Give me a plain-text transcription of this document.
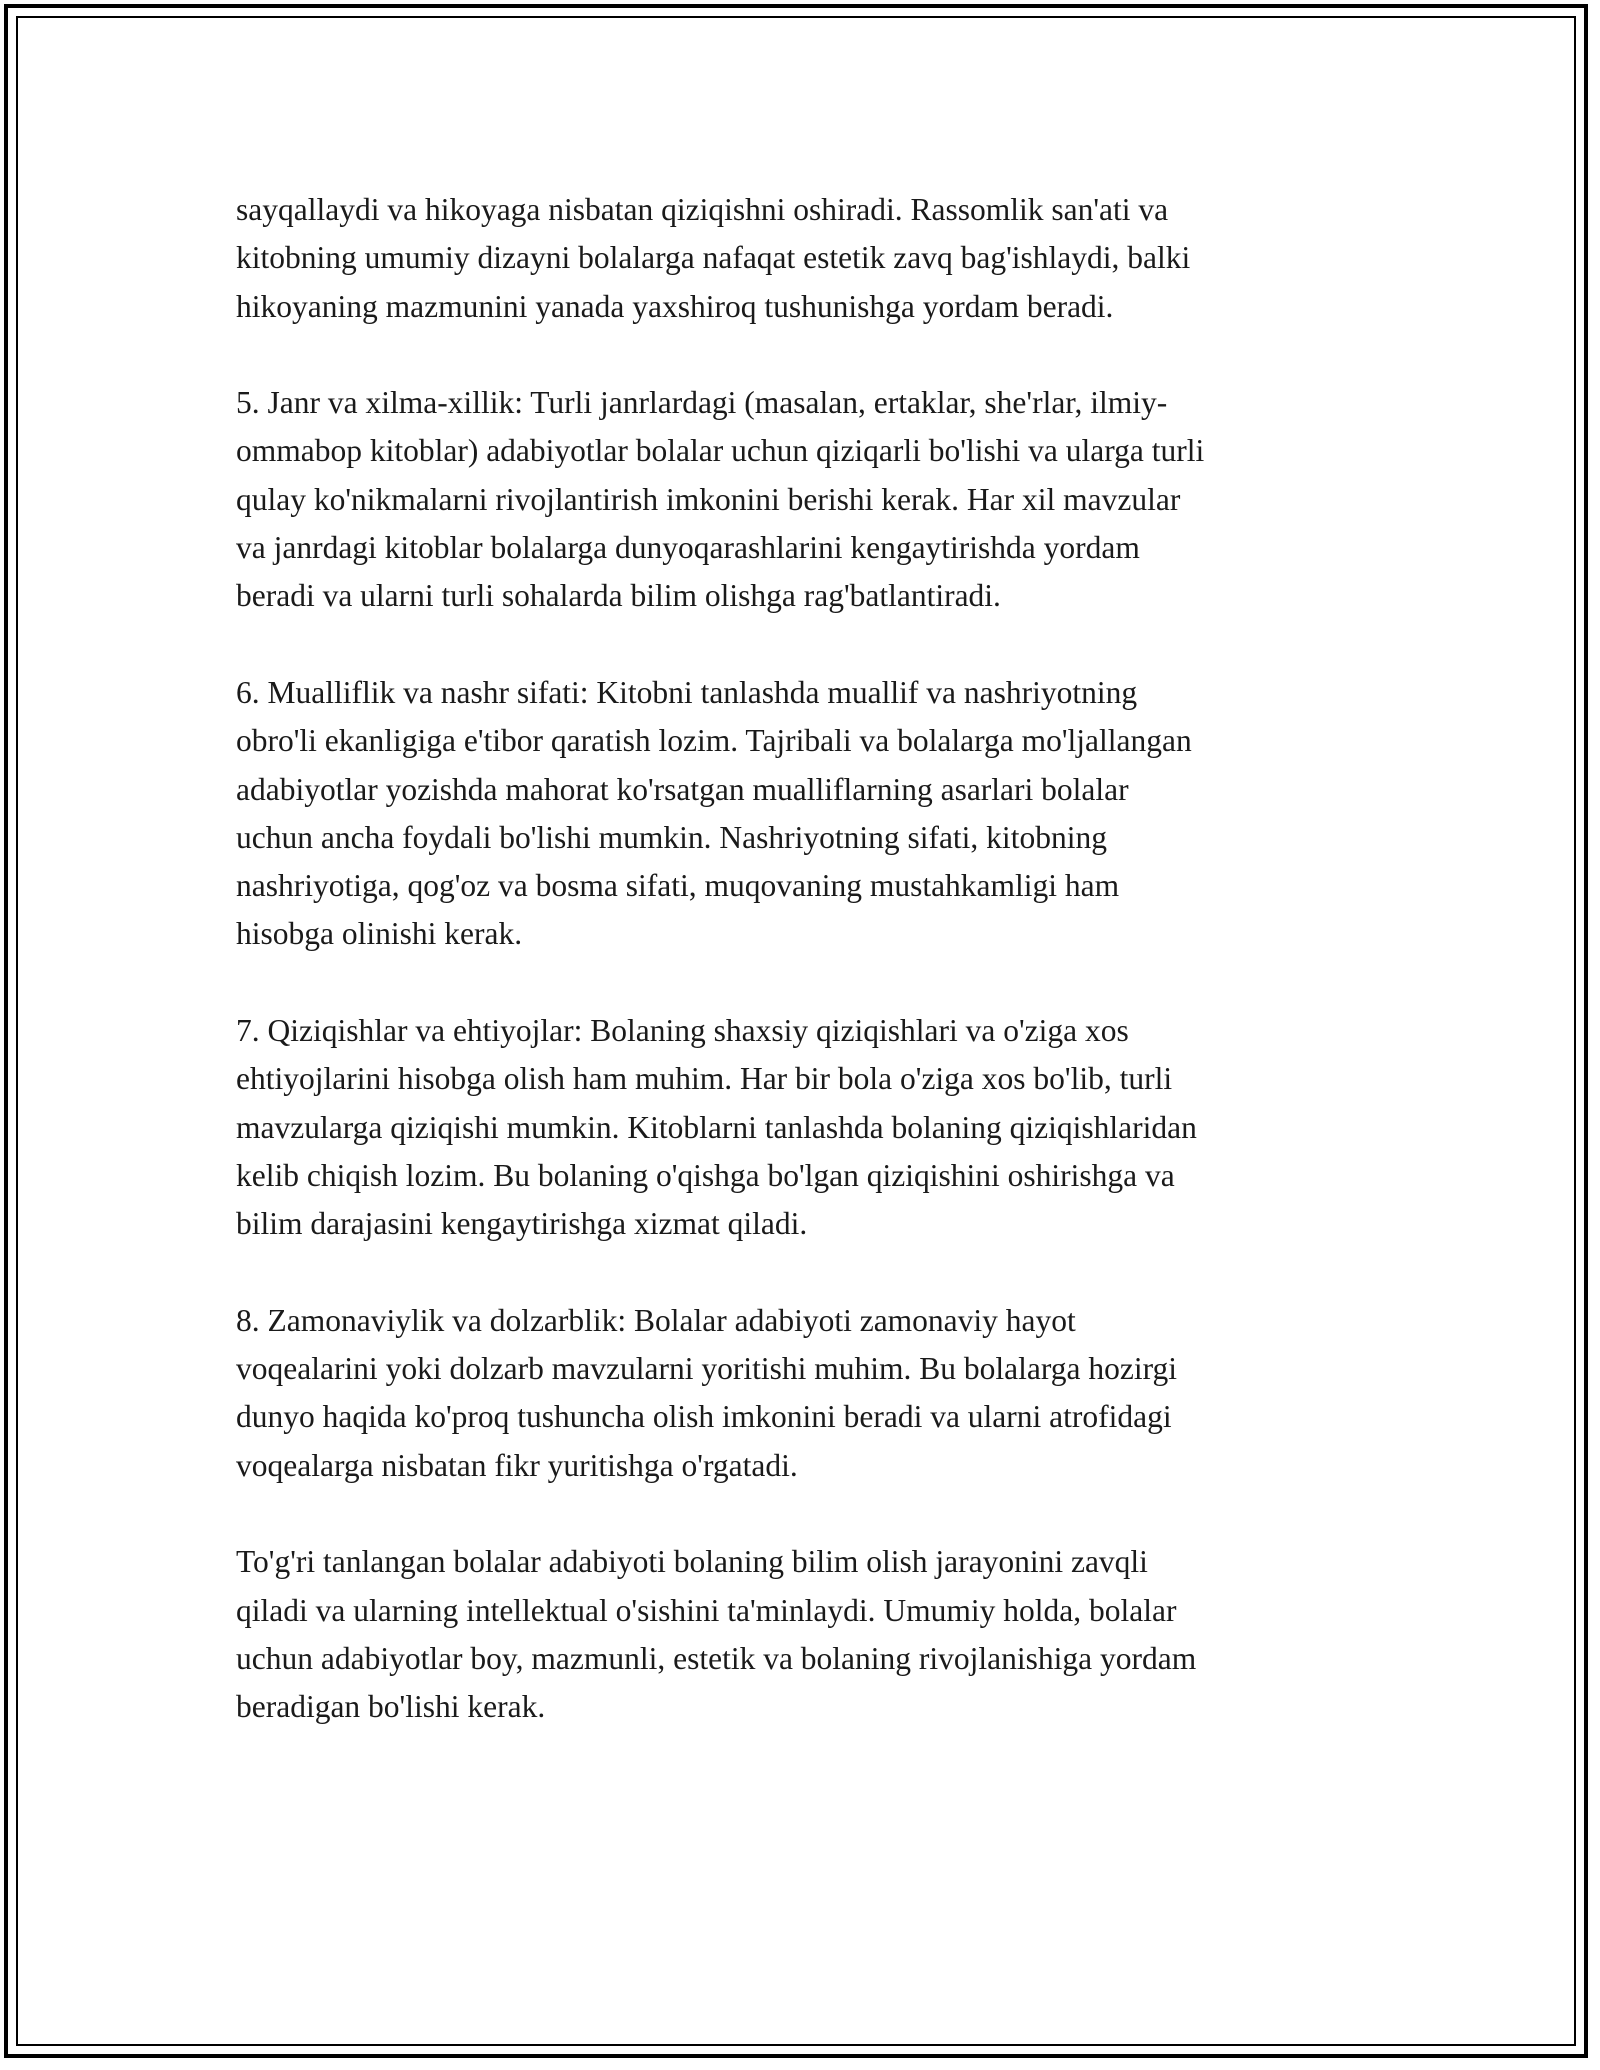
sayqallaydi va hikoyaga nisbatan qiziqishni oshiradi. Rassomlik san'ati va
kitobning umumiy dizayni bolalarga nafaqat estetik zavq bag'ishlaydi, balki
hikoyaning mazmunini yanada yaxshiroq tushunishga yordam beradi.

5. Janr va xilma-xillik: Turli janrlardagi (masalan, ertaklar, she'rlar, ilmiy-
ommabop kitoblar) adabiyotlar bolalar uchun qiziqarli bo'lishi va ularga turli
qulay ko'nikmalarni rivojlantirish imkonini berishi kerak. Har xil mavzular
va janrdagi kitoblar bolalarga dunyoqarashlarini kengaytirishda yordam
beradi va ularni turli sohalarda bilim olishga rag'batlantiradi.

6. Mualliflik va nashr sifati: Kitobni tanlashda muallif va nashriyotning
obro'li ekanligiga e'tibor qaratish lozim. Tajribali va bolalarga mo'ljallangan
adabiyotlar yozishda mahorat ko'rsatgan mualliflarning asarlari bolalar
uchun ancha foydali bo'lishi mumkin. Nashriyotning sifati, kitobning
nashriyotiga, qog'oz va bosma sifati, muqovaning mustahkamligi ham
hisobga olinishi kerak.

7. Qiziqishlar va ehtiyojlar: Bolaning shaxsiy qiziqishlari va o'ziga xos
ehtiyojlarini hisobga olish ham muhim. Har bir bola o'ziga xos bo'lib, turli
mavzularga qiziqishi mumkin. Kitoblarni tanlashda bolaning qiziqishlaridan
kelib chiqish lozim. Bu bolaning o'qishga bo'lgan qiziqishini oshirishga va
bilim darajasini kengaytirishga xizmat qiladi.

8. Zamonaviylik va dolzarblik: Bolalar adabiyoti zamonaviy hayot
voqealarini yoki dolzarb mavzularni yoritishi muhim. Bu bolalarga hozirgi
dunyo haqida ko'proq tushuncha olish imkonini beradi va ularni atrofidagi
voqealarga nisbatan fikr yuritishga o'rgatadi.

To'g'ri tanlangan bolalar adabiyoti bolaning bilim olish jarayonini zavqli
qiladi va ularning intellektual o'sishini ta'minlaydi. Umumiy holda, bolalar
uchun adabiyotlar boy, mazmunli, estetik va bolaning rivojlanishiga yordam
beradigan bo'lishi kerak.
